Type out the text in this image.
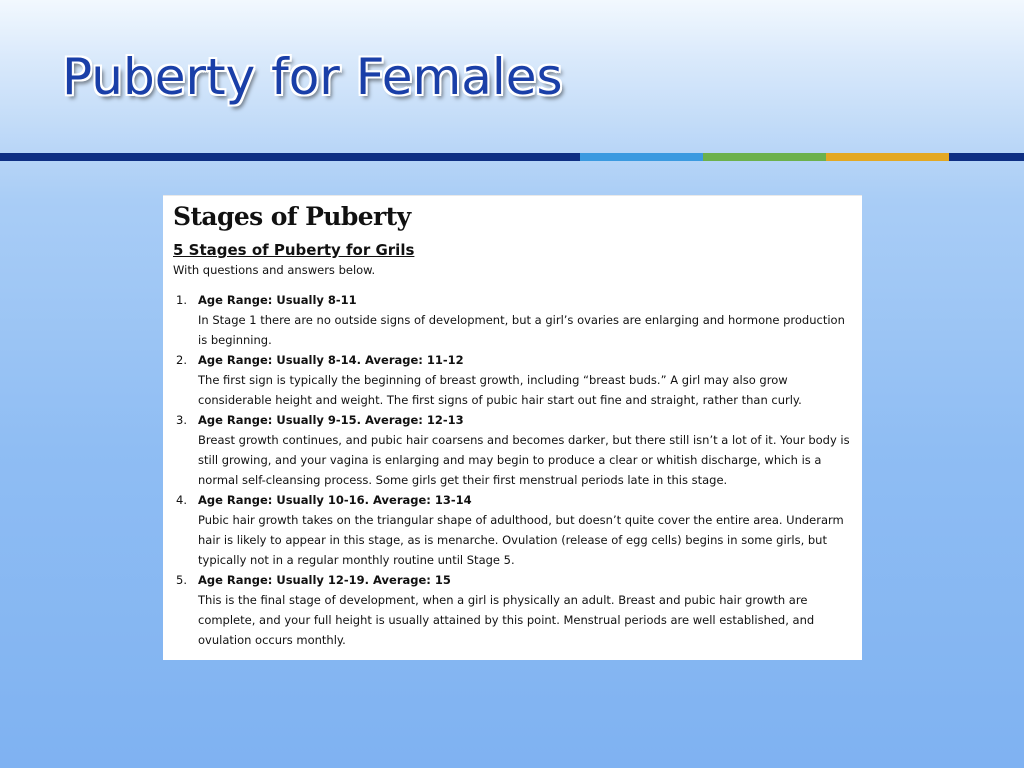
Puberty for Females
Stages of Puberty
5 Stages of Puberty for Grils

With questions and answers below.

1. Age Range: Usually 8-11
In Stage 1 there are no outside signs of development, but a girl’s ovaries are enlarging and hormone production is beginning.
2. Age Range: Usually 8-14. Average: 11-12
The first sign is typically the beginning of breast growth, including “breast buds.” A girl may also grow considerable height and weight. The first signs of pubic hair start out fine and straight, rather than curly.
3. Age Range: Usually 9-15. Average: 12-13
Breast growth continues, and pubic hair coarsens and becomes darker, but there still isn’t a lot of it. Your body is still growing, and your vagina is enlarging and may begin to produce a clear or whitish discharge, which is a normal self-cleansing process. Some girls get their first menstrual periods late in this stage.
4. Age Range: Usually 10-16. Average: 13-14
Pubic hair growth takes on the triangular shape of adulthood, but doesn’t quite cover the entire area. Underarm hair is likely to appear in this stage, as is menarche. Ovulation (release of egg cells) begins in some girls, but typically not in a regular monthly routine until Stage 5.
5. Age Range: Usually 12-19. Average: 15
This is the final stage of development, when a girl is physically an adult. Breast and pubic hair growth are complete, and your full height is usually attained by this point. Menstrual periods are well established, and ovulation occurs monthly.
